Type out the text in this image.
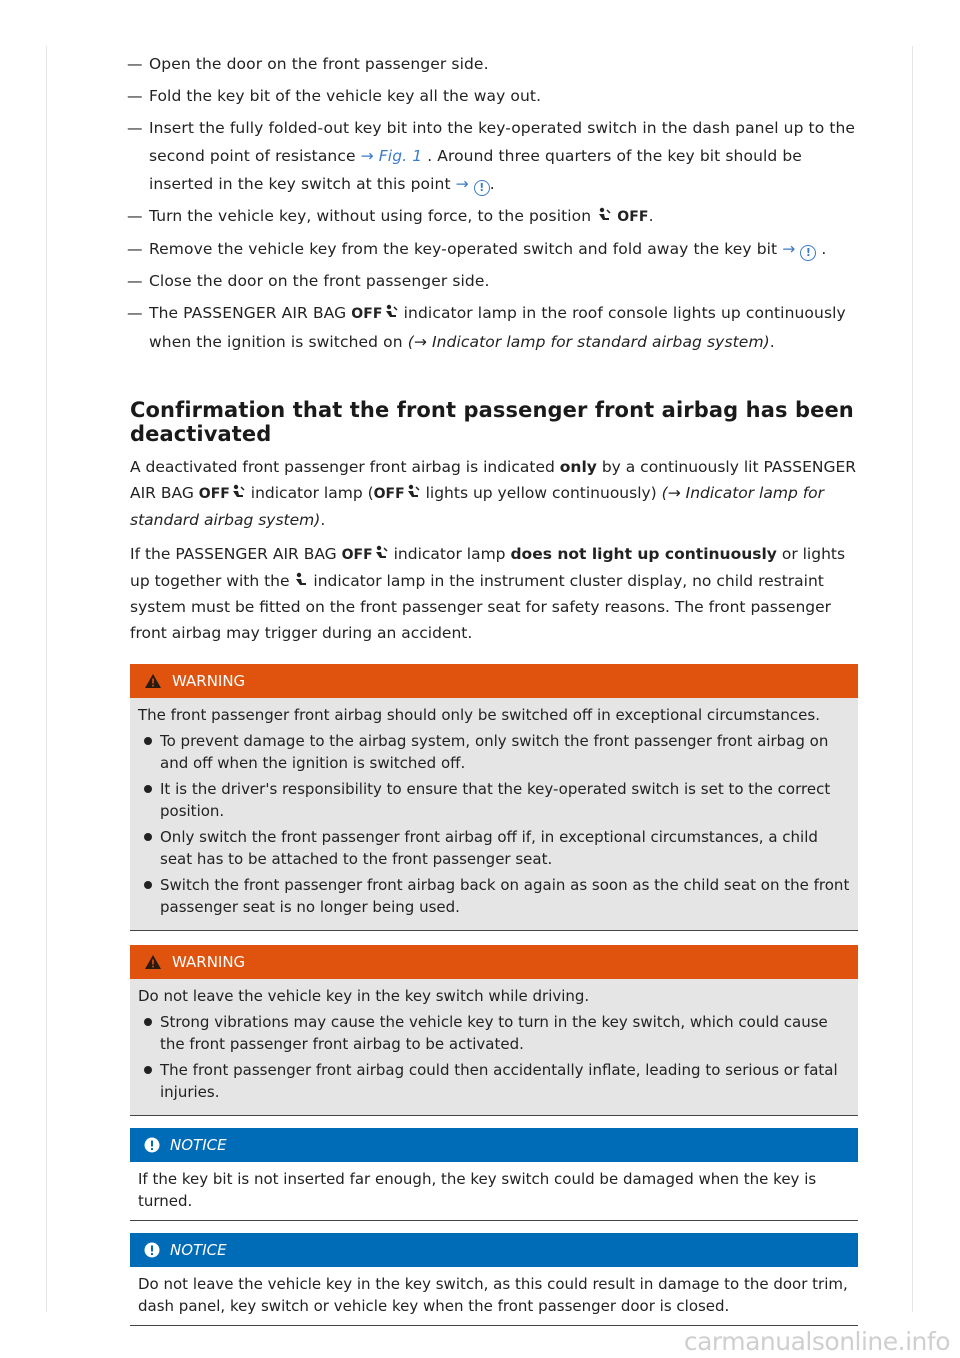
— Open the door on the front passenger side.

— Fold the key bit of the vehicle key all the way out.

— Insert the fully folded-out key bit into the key-operated switch in the dash panel up to the second point of resistance → Fig. 1 . Around three quarters of the key bit should be inserted in the key switch at this point → ! .

— Turn the vehicle key, without using force, to the position OFF.

— Remove the vehicle key from the key-operated switch and fold away the key bit → ! .

— Close the door on the front passenger side.

— The PASSENGER AIR BAG OFF indicator lamp in the roof console lights up continuously when the ignition is switched on (→ Indicator lamp for standard airbag system).

Confirmation that the front passenger front airbag has been deactivated

A deactivated front passenger front airbag is indicated only by a continuously lit PASSENGER AIR BAG OFF indicator lamp (OFF lights up yellow continuously) (→ Indicator lamp for standard airbag system).

If the PASSENGER AIR BAG OFF indicator lamp does not light up continuously or lights up together with the indicator lamp in the instrument cluster display, no child restraint system must be fitted on the front passenger seat for safety reasons. The front passenger front airbag may trigger during an accident.

WARNING
The front passenger front airbag should only be switched off in exceptional circumstances.
To prevent damage to the airbag system, only switch the front passenger front airbag on and off when the ignition is switched off.
It is the driver's responsibility to ensure that the key-operated switch is set to the correct position.
Only switch the front passenger front airbag off if, in exceptional circumstances, a child seat has to be attached to the front passenger seat.
Switch the front passenger front airbag back on again as soon as the child seat on the front passenger seat is no longer being used.
WARNING
Do not leave the vehicle key in the key switch while driving.
Strong vibrations may cause the vehicle key to turn in the key switch, which could cause the front passenger front airbag to be activated.
The front passenger front airbag could then accidentally inflate, leading to serious or fatal injuries.
NOTICE
If the key bit is not inserted far enough, the key switch could be damaged when the key is turned.
NOTICE
Do not leave the vehicle key in the key switch, as this could result in damage to the door trim, dash panel, key switch or vehicle key when the front passenger door is closed.
carmanualsonline.info
